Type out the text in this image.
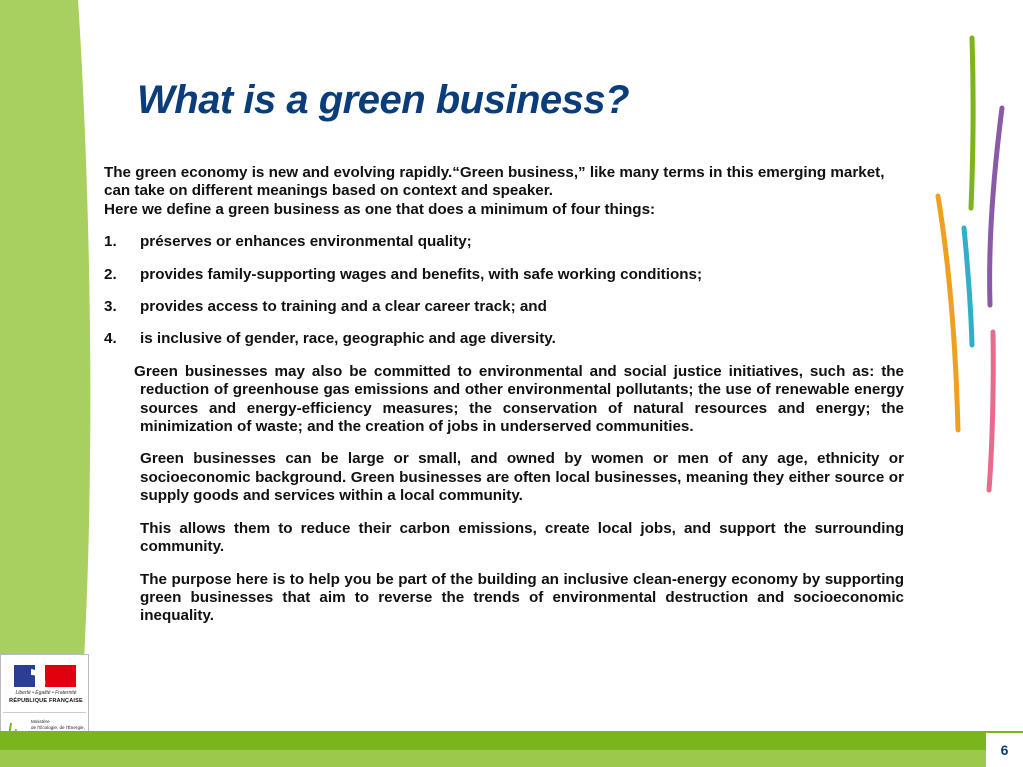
What is a green business?

The green economy is new and evolving rapidly.“Green business,” like many terms in this emerging market, can take on different meanings based on context and speaker.

Here we define a green business as one that does a minimum of four things:

1.	préserves or enhances environmental quality;
2.	provides family-supporting wages and benefits, with safe working conditions;
3.	provides access to training and a clear career track; and
4.	is inclusive of gender, race, geographic and age diversity.

Green businesses may also be committed to environmental and social justice initiatives, such as: the reduction of greenhouse gas emissions and other environmental pollutants; the use of renewable energy sources and energy-efficiency measures; the conservation of natural resources and energy; the minimization of waste; and the creation of jobs in underserved communities.

Green businesses can be large or small, and owned by women or men of any age, ethnicity or socioeconomic background. Green businesses are often local businesses, meaning they either source or supply goods and services within a local community.

This allows them to reduce their carbon emissions, create local jobs, and support the surrounding community.

The purpose here is to help you be part of the building an inclusive clean-energy economy by supporting green businesses that aim to reverse the trends of environmental destruction and socioeconomic inequality.

Liberté • Égalité • Fraternité
RÉPUBLIQUE FRANÇAISE
Ministère
de l'Écologie, de l'Énergie,
6
